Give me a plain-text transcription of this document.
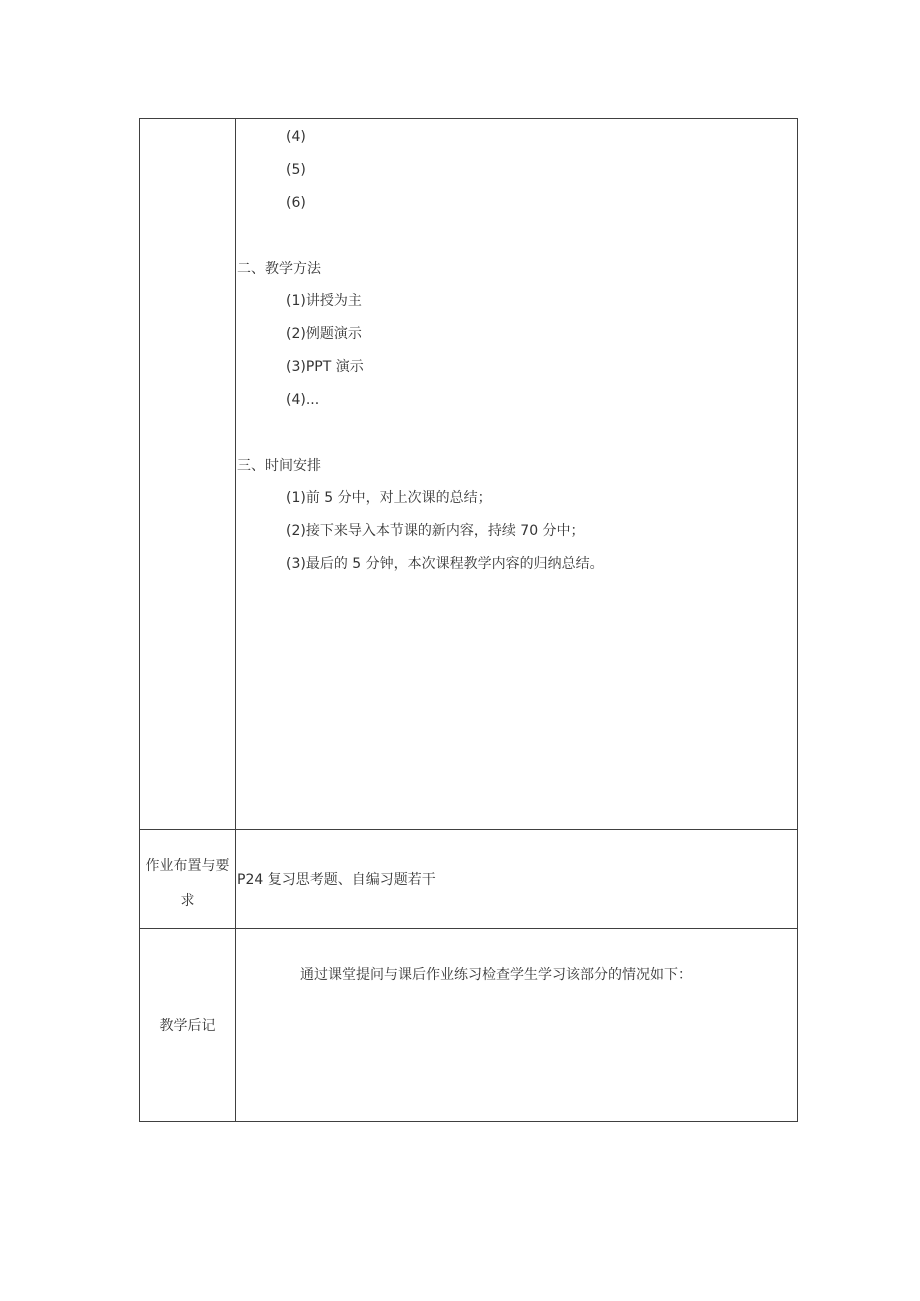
(4)
(5)
(6)
二、教学方法
(1)讲授为主
(2)例题演示
(3)PPT 演示
(4)...
三、时间安排
(1)前 5 分中，对上次课的总结；
(2)接下来导入本节课的新内容，持续 70 分中；
(3)最后的 5 分钟，本次课程教学内容的归纳总结。
作业布置与要
求
P24 复习思考题、自编习题若干
教学后记
通过课堂提问与课后作业练习检查学生学习该部分的情况如下：
